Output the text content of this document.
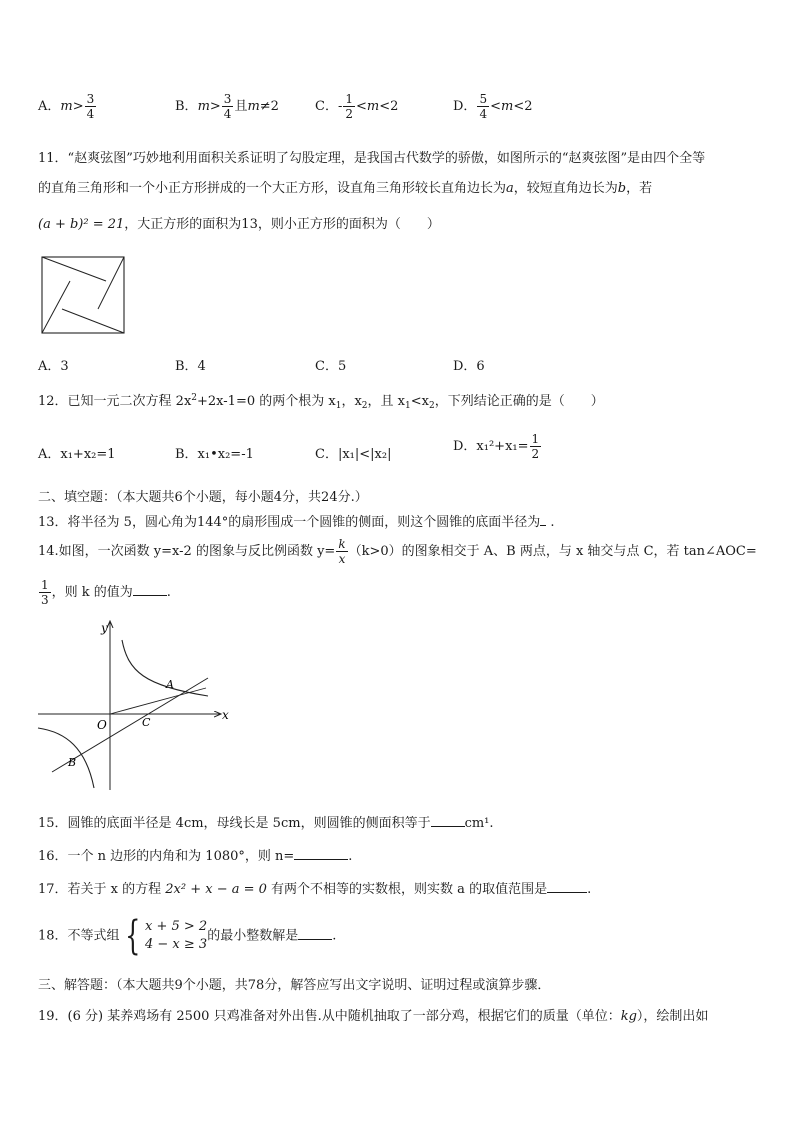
A．$m> \frac{3}{4}$	B．$m> \frac{3}{4}$ 且m≠2	C．- $\frac{1}{2} <m<2$	D． $\frac{5}{4} <m<2$
11．“赵爽弦图”巧妙地利用面积关系证明了勾股定理，是我国古代数学的骄傲，如图所示的“赵爽弦图”是由四个全等
的直角三角形和一个小正方形拼成的一个大正方形，设直角三角形较长直角边长为a，较短直角边长为b，若
(a + b)² = 21，大正方形的面积为13，则小正方形的面积为（　　）
A．3	B．4	C．5	D．6
12．已知一元二次方程 $2x^2+2x-1=0$ 的两个根为 $x_1$，$x_2$，且 $x_1<x_2$，下列结论正确的是（　　）
A．x₁+x₂=1	B．x₁•x₂=-1	C．|x₁|<|x₂|
D．$x_1^2+x_1= \frac{1}{2}$
二、填空题：（本大题共6个小题，每小题4分，共24分.）
13．将半径为 5，圆心角为144°的扇形围成一个圆锥的侧面，则这个圆锥的底面半径为 .
14.如图，一次函数 y=x-2 的图象与反比例函数 $y= \frac{k}{x} (k>0)$的图象相交于 A、B 两点，与 x 轴交与点 C，若 tan∠AOC=
$\frac{1}{3}$ ，则 k 的值为	.
y
x
O
A
B
C
15．圆锥的底面半径是 4cm，母线长是 5cm，则圆锥的侧面积等于	cm¹.
16．一个 n 边形的内角和为 1080°，则 n=	.
17．若关于 x 的方程 2x² + x − a = 0 有两个不相等的实数根，则实数 a 的取值范围是	.
18．不等式组 { x + 5 > 2
4 − x ≥ 3
的最小整数解是	.
三、解答题：（本大题共9个小题，共78分，解答应写出文字说明、证明过程或演算步骤．
19．(6 分) 某养鸡场有 2500 只鸡准备对外出售.从中随机抽取了一部分鸡，根据它们的质量（单位：kg），绘制出如
